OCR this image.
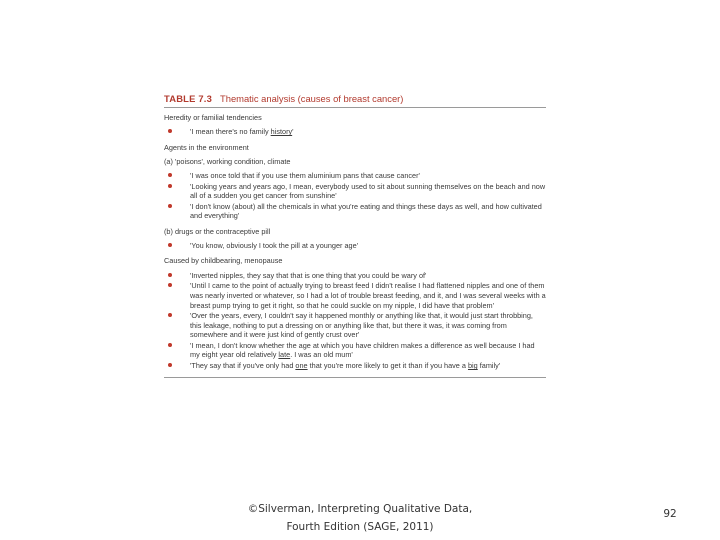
TABLE 7.3 Thematic analysis (causes of breast cancer)
Heredity or familial tendencies
'I mean there's no family history'
Agents in the environment
(a) 'poisons', working condition, climate
'I was once told that if you use them aluminium pans that cause cancer'
'Looking years and years ago, I mean, everybody used to sit about sunning themselves on the beach and now all of a sudden you get cancer from sunshine'
'I don't know (about) all the chemicals in what you're eating and things these days as well, and how cultivated and everything'
(b) drugs or the contraceptive pill
'You know, obviously I took the pill at a younger age'
Caused by childbearing, menopause
'Inverted nipples, they say that that is one thing that you could be wary of'
'Until I came to the point of actually trying to breast feed I didn't realise I had flattened nipples and one of them was nearly inverted or whatever, so I had a lot of trouble breast feeding, and it, and I was several weeks with a breast pump trying to get it right, so that he could suckle on my nipple, I did have that problem'
'Over the years, every, I couldn't say it happened monthly or anything like that, it would just start throbbing, this leakage, nothing to put a dressing on or anything like that, but there it was, it was coming from somewhere and it were just kind of gently crust over'
'I mean, I don't know whether the age at which you have children makes a difference as well because I had my eight year old relatively late. I was an old mum'
'They say that if you've only had one that you're more likely to get it than if you have a big family'
©Silverman, Interpreting Qualitative Data,
Fourth Edition (SAGE, 2011)
92
